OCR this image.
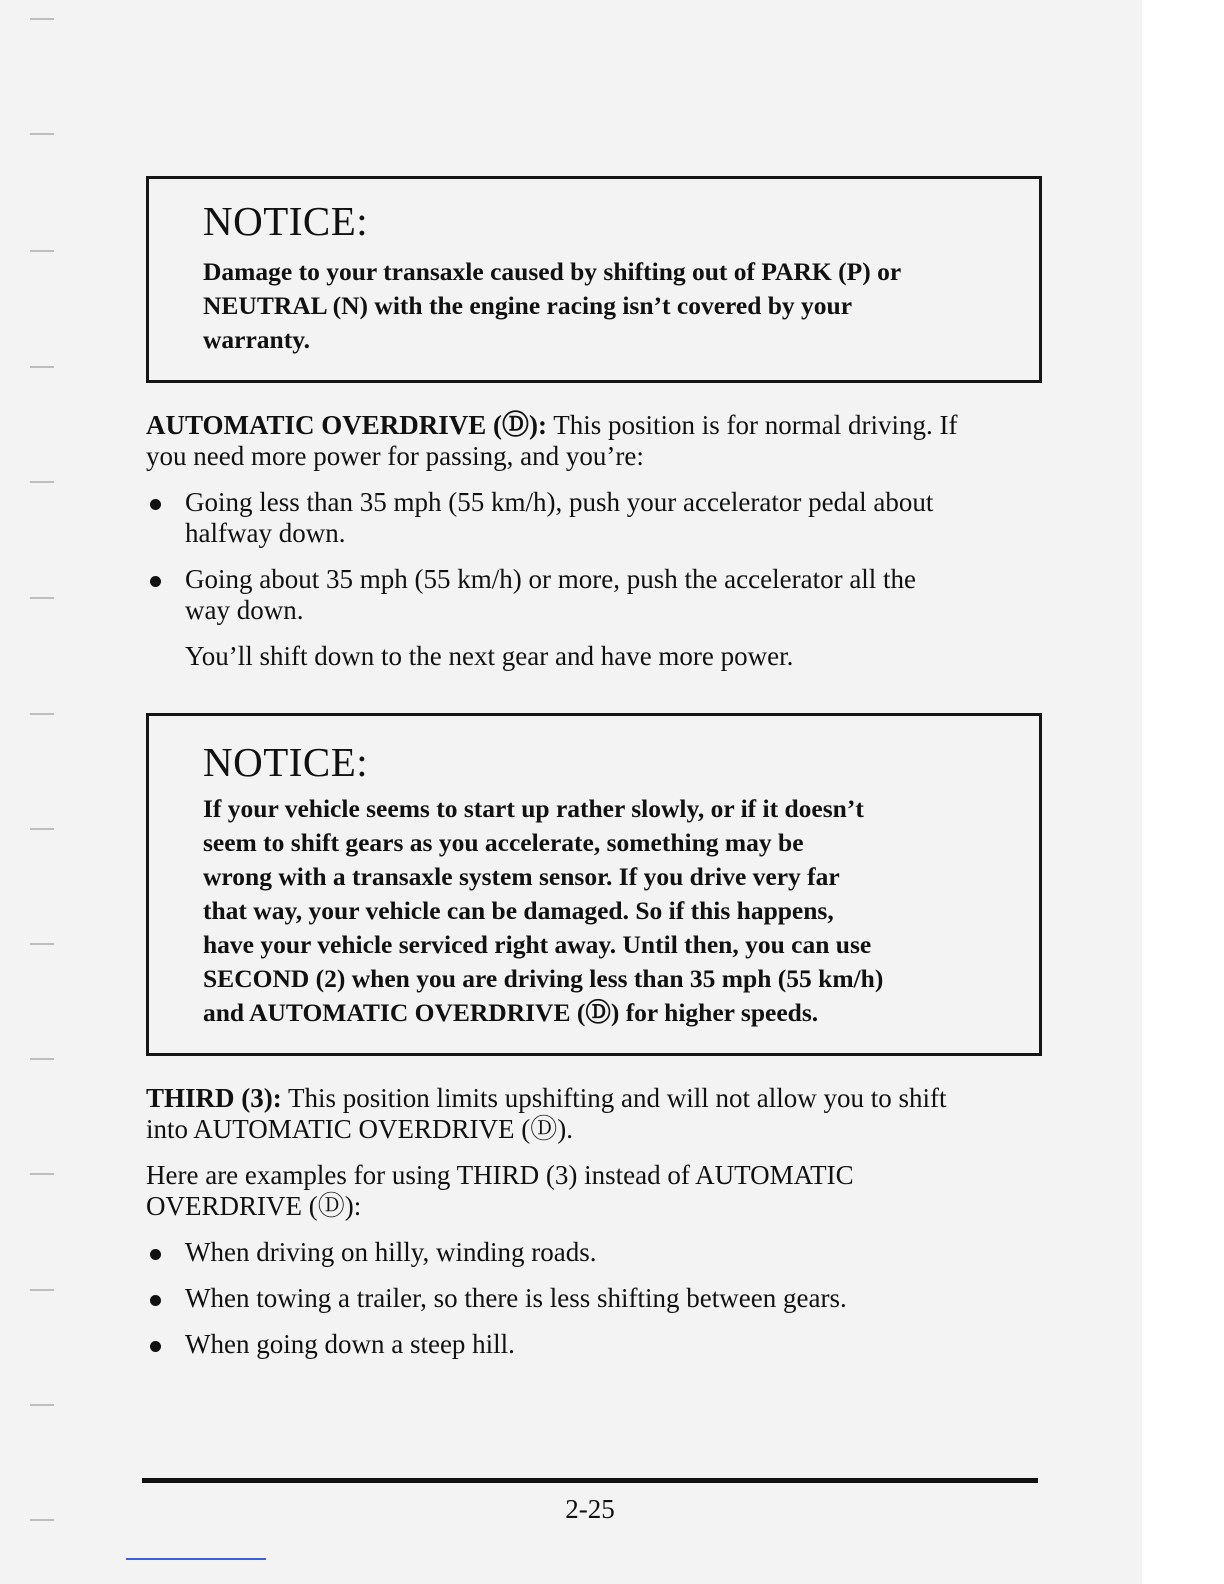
NOTICE:

Damage to your transaxle caused by shifting out of PARK (P) or

NEUTRAL (N) with the engine racing isn’t covered by your

warranty.

AUTOMATIC OVERDRIVE (Ⓓ): This position is for normal driving. If

you need more power for passing, and you’re:

Going less than 35 mph (55 km/h), push your accelerator pedal about
halfway down.

Going about 35 mph (55 km/h) or more, push the accelerator all the
way down.

You’ll shift down to the next gear and have more power.

NOTICE:

If your vehicle seems to start up rather slowly, or if it doesn’t

seem to shift gears as you accelerate, something may be

wrong with a transaxle system sensor. If you drive very far

that way, your vehicle can be damaged. So if this happens,

have your vehicle serviced right away. Until then, you can use

SECOND (2) when you are driving less than 35 mph (55 km/h)

and AUTOMATIC OVERDRIVE (Ⓓ) for higher speeds.

THIRD (3): This position limits upshifting and will not allow you to shift

into AUTOMATIC OVERDRIVE (Ⓓ).

Here are examples for using THIRD (3) instead of AUTOMATIC

OVERDRIVE (Ⓓ):

When driving on hilly, winding roads.

When towing a trailer, so there is less shifting between gears.

When going down a steep hill.

2-25
